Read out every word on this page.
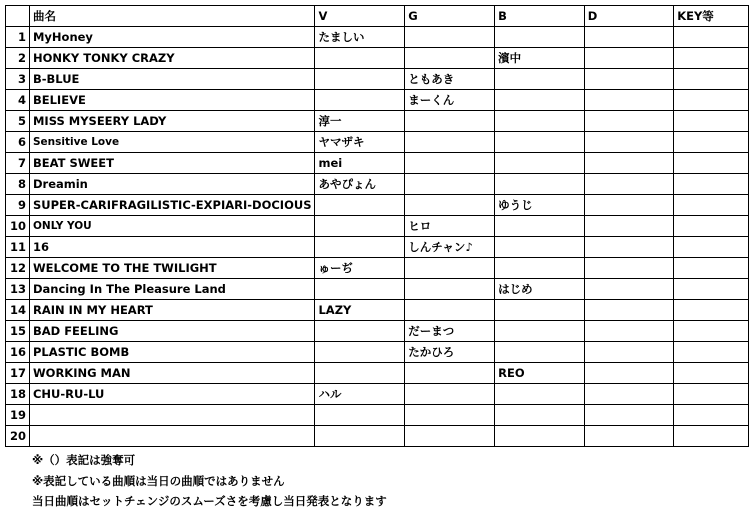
	曲名	V	G	B	D	KEY等
1	MyHoney	たましい				
2	HONKY TONKY CRAZY			濱中		
3	B-BLUE		ともあき			
4	BELIEVE		まーくん			
5	MISS MYSEERY LADY	淳一				
6	Sensitive Love	ヤマザキ				
7	BEAT SWEET	mei				
8	Dreamin	あやぴょん				
9	SUPER-CARIFRAGILISTIC-EXPIARI-DOCIOUS			ゆうじ		
10	ONLY YOU		ヒロ			
11	16		しんチャン♪			
12	WELCOME TO THE TWILIGHT	ゅーぢ				
13	Dancing In The Pleasure Land			はじめ		
14	RAIN IN MY HEART	LAZY				
15	BAD FEELING		だーまつ			
16	PLASTIC BOMB		たかひろ			
17	WORKING MAN			REO		
18	CHU-RU-LU	ハル				
19						
20						
※（）表記は強奪可
※表記している曲順は当日の曲順ではありません
当日曲順はセットチェンジのスムーズさを考慮し当日発表となります
